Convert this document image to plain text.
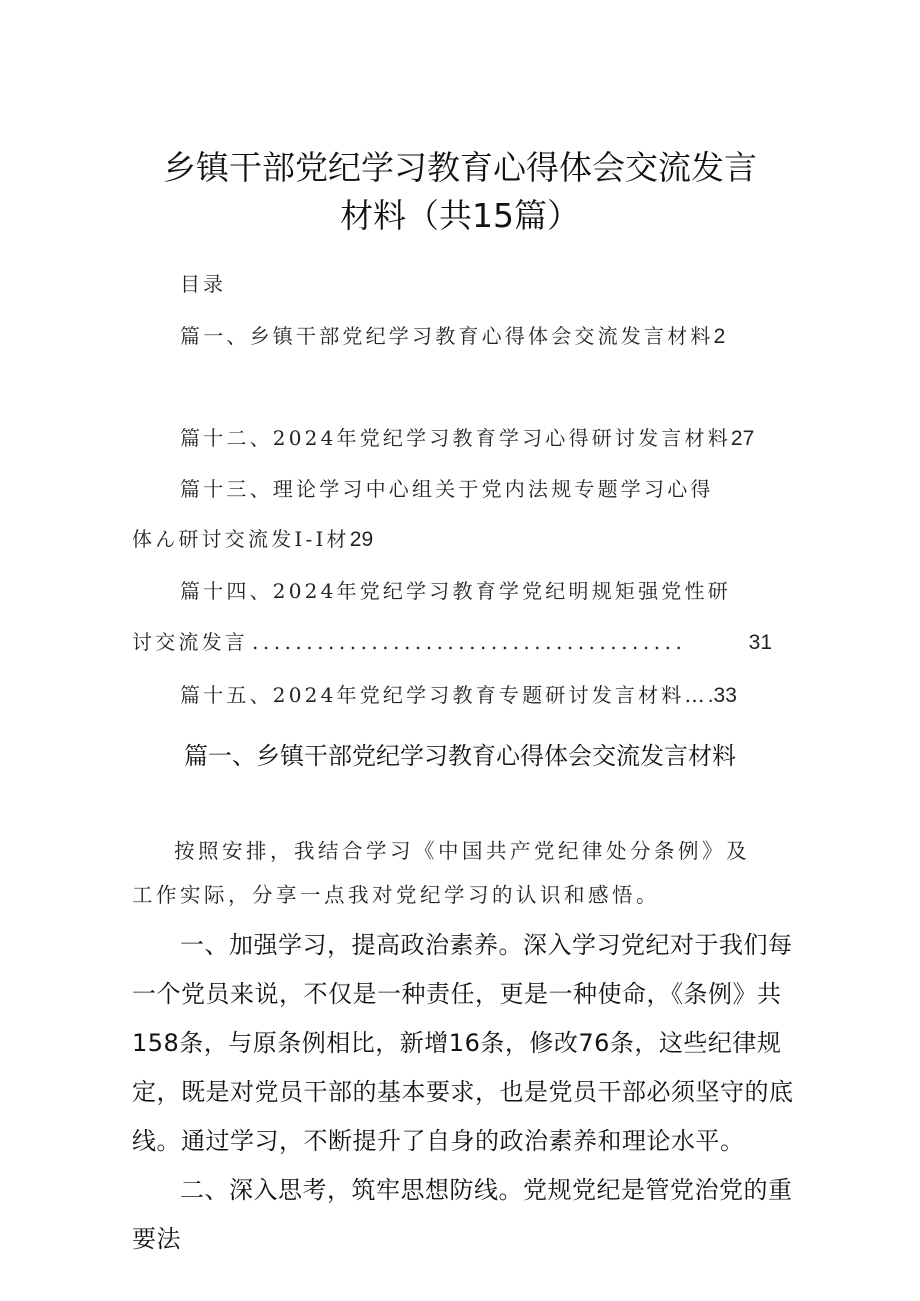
乡镇干部党纪学习教育心得体会交流发言
材料（共15篇）
目录
篇一、乡镇干部党纪学习教育心得体会交流发言材料2
篇十二、2024年党纪学习教育学习心得研讨发言材料27
篇十三、理论学习中心组关于党内法规专题学习心得
体ん研讨交流发I-I材29
篇十四、2024年党纪学习教育学党纪明规矩强党性研
讨交流发言 ........................................	31
篇十五、2024年党纪学习教育专题研讨发言材料….33
篇一、乡镇干部党纪学习教育心得体会交流发言材料

按照安排，我结合学习《中国共产党纪律处分条例》及工作实际，分享一点我对党纪学习的认识和感悟。

一、加强学习，提高政治素养。深入学习党纪对于我们每一个党员来说，不仅是一种责任，更是一种使命，《条例》共158条，与原条例相比，新增16条，修改76条，这些纪律规定，既是对党员干部的基本要求，也是党员干部必须坚守的底线。通过学习，不断提升了自身的政治素养和理论水平。

二、深入思考，筑牢思想防线。党规党纪是管党治党的重要法
